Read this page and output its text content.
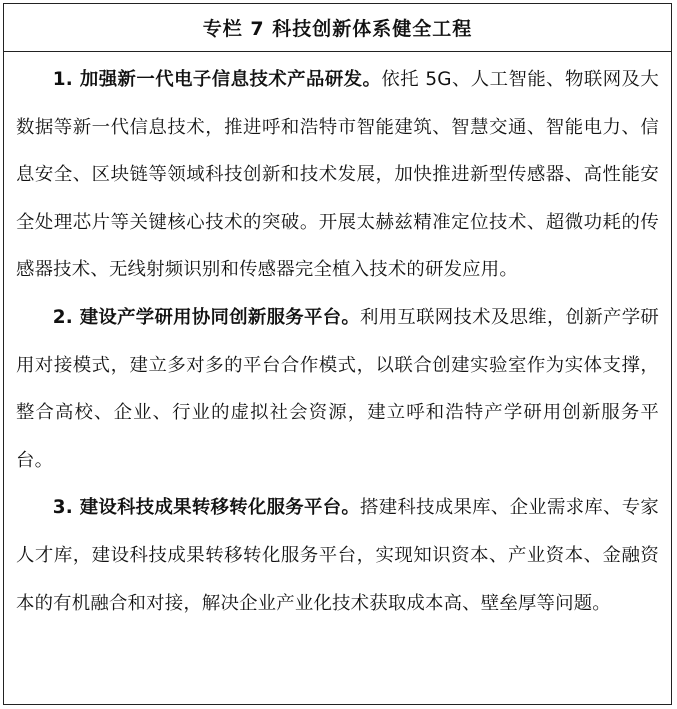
专栏 7 科技创新体系健全工程

1. 加强新一代电子信息技术产品研发。依托 5G、人工智能、物联网及大数据等新一代信息技术，推进呼和浩特市智能建筑、智慧交通、智能电力、信息安全、区块链等领域科技创新和技术发展，加快推进新型传感器、高性能安全处理芯片等关键核心技术的突破。开展太赫兹精准定位技术、超微功耗的传感器技术、无线射频识别和传感器完全植入技术的研发应用。

2. 建设产学研用协同创新服务平台。利用互联网技术及思维，创新产学研用对接模式，建立多对多的平台合作模式，以联合创建实验室作为实体支撑，整合高校、企业、行业的虚拟社会资源，建立呼和浩特产学研用创新服务平台。

3. 建设科技成果转移转化服务平台。搭建科技成果库、企业需求库、专家人才库，建设科技成果转移转化服务平台，实现知识资本、产业资本、金融资本的有机融合和对接，解决企业产业化技术获取成本高、壁垒厚等问题。
